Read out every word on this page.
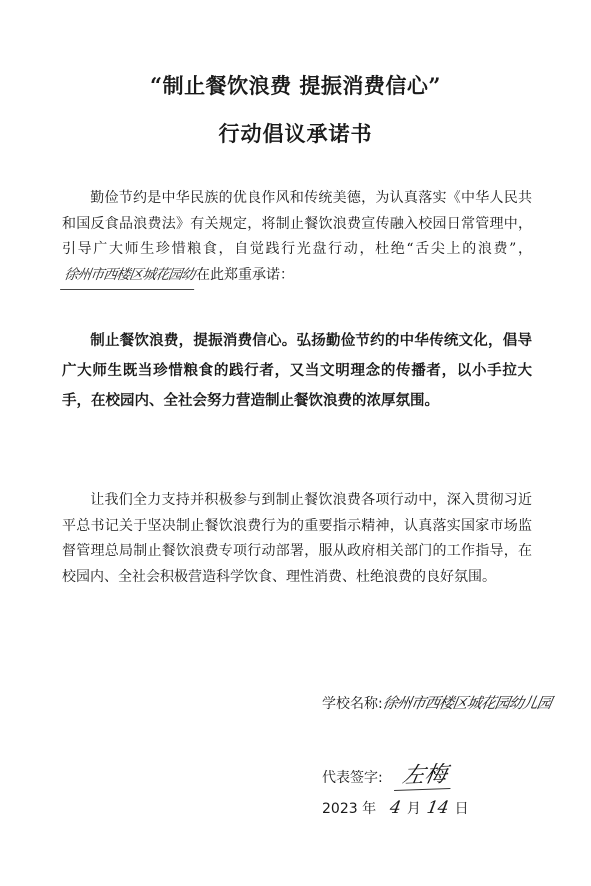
“制止餐饮浪费 提振消费信心”
行动倡议承诺书
勤俭节约是中华民族的优良作风和传统美德，为认真落实《中华人民共和国反食品浪费法》有关规定，将制止餐饮浪费宣传融入校园日常管理中，引导广大师生珍惜粮食，自觉践行光盘行动，杜绝“舌尖上的浪费”，徐州市西楼区城花园幼在此郑重承诺：
制止餐饮浪费，提振消费信心。弘扬勤俭节约的中华传统文化，倡导广大师生既当珍惜粮食的践行者，又当文明理念的传播者，以小手拉大手，在校园内、全社会努力营造制止餐饮浪费的浓厚氛围。
让我们全力支持并积极参与到制止餐饮浪费各项行动中，深入贯彻习近平总书记关于坚决制止餐饮浪费行为的重要指示精神，认真落实国家市场监督管理总局制止餐饮浪费专项行动部署，服从政府相关部门的工作指导，在校园内、全社会积极营造科学饮食、理性消费、杜绝浪费的良好氛围。
学校名称:徐州市西楼区城花园幼儿园
代表签字: 左梅
2023 年 4 月 14 日
